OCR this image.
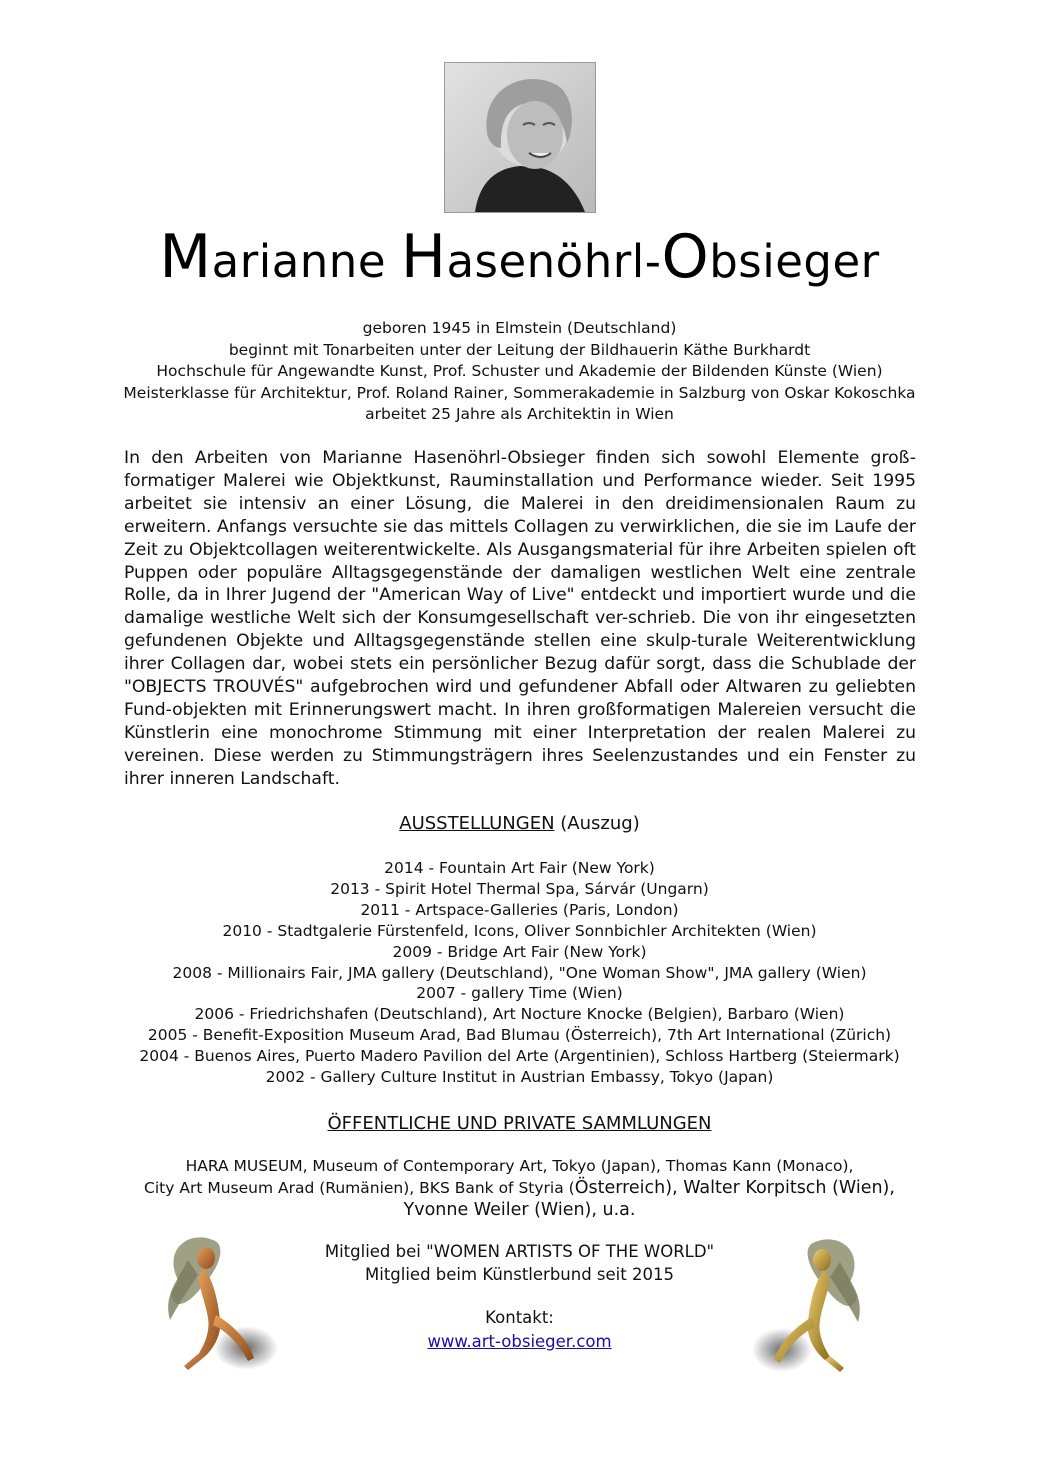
Marianne Hasenöhrl-Obsieger
geboren 1945 in Elmstein (Deutschland)
beginnt mit Tonarbeiten unter der Leitung der Bildhauerin Käthe Burkhardt
Hochschule für Angewandte Kunst, Prof. Schuster und Akademie der Bildenden Künste (Wien)
Meisterklasse für Architektur, Prof. Roland Rainer, Sommerakademie in Salzburg von Oskar Kokoschka
arbeitet 25 Jahre als Architektin in Wien

In den Arbeiten von Marianne Hasenöhrl-Obsieger finden sich sowohl Elemente groß-formatiger Malerei wie Objektkunst, Rauminstallation und Performance wieder. Seit 1995 arbeitet sie intensiv an einer Lösung, die Malerei in den dreidimensionalen Raum zu erweitern. Anfangs versuchte sie das mittels Collagen zu verwirklichen, die sie im Laufe der Zeit zu Objektcollagen weiterentwickelte. Als Ausgangsmaterial für ihre Arbeiten spielen oft Puppen oder populäre Alltagsgegenstände der damaligen westlichen Welt eine zentrale Rolle, da in Ihrer Jugend der "American Way of Live" entdeckt und importiert wurde und die damalige westliche Welt sich der Konsumgesellschaft ver-schrieb. Die von ihr eingesetzten gefundenen Objekte und Alltagsgegenstände stellen eine skulp-turale Weiterentwicklung ihrer Collagen dar, wobei stets ein persönlicher Bezug dafür sorgt, dass die Schublade der "OBJECTS TROUVÉS" aufgebrochen wird und gefundener Abfall oder Altwaren zu geliebten Fund-objekten mit Erinnerungswert macht. In ihren großformatigen Malereien versucht die Künstlerin eine monochrome Stimmung mit einer Interpretation der realen Malerei zu vereinen. Diese werden zu Stimmungsträgern ihres Seelenzustandes und ein Fenster zu ihrer inneren Landschaft.

AUSSTELLUNGEN (Auszug)
2014 - Fountain Art Fair (New York)
2013 - Spirit Hotel Thermal Spa, Sárvár (Ungarn)
2011 - Artspace-Galleries (Paris, London)
2010 - Stadtgalerie Fürstenfeld, Icons, Oliver Sonnbichler Architekten (Wien)
2009 - Bridge Art Fair (New York)
2008 - Millionairs Fair, JMA gallery (Deutschland), "One Woman Show", JMA gallery (Wien)
2007 - gallery Time (Wien)
2006 - Friedrichshafen (Deutschland), Art Nocture Knocke (Belgien), Barbaro (Wien)
2005 - Benefit-Exposition Museum Arad, Bad Blumau (Österreich), 7th Art International (Zürich)
2004 - Buenos Aires, Puerto Madero Pavilion del Arte (Argentinien), Schloss Hartberg (Steiermark)
2002 - Gallery Culture Institut in Austrian Embassy, Tokyo (Japan)
ÖFFENTLICHE UND PRIVATE SAMMLUNGEN
HARA MUSEUM, Museum of Contemporary Art, Tokyo (Japan), Thomas Kann (Monaco),
City Art Museum Arad (Rumänien), BKS Bank of Styria (Österreich), Walter Korpitsch (Wien),
Yvonne Weiler (Wien), u.a.
Mitglied bei "WOMEN ARTISTS OF THE WORLD"
Mitglied beim Künstlerbund seit 2015
Kontakt:
www.art-obsieger.com
